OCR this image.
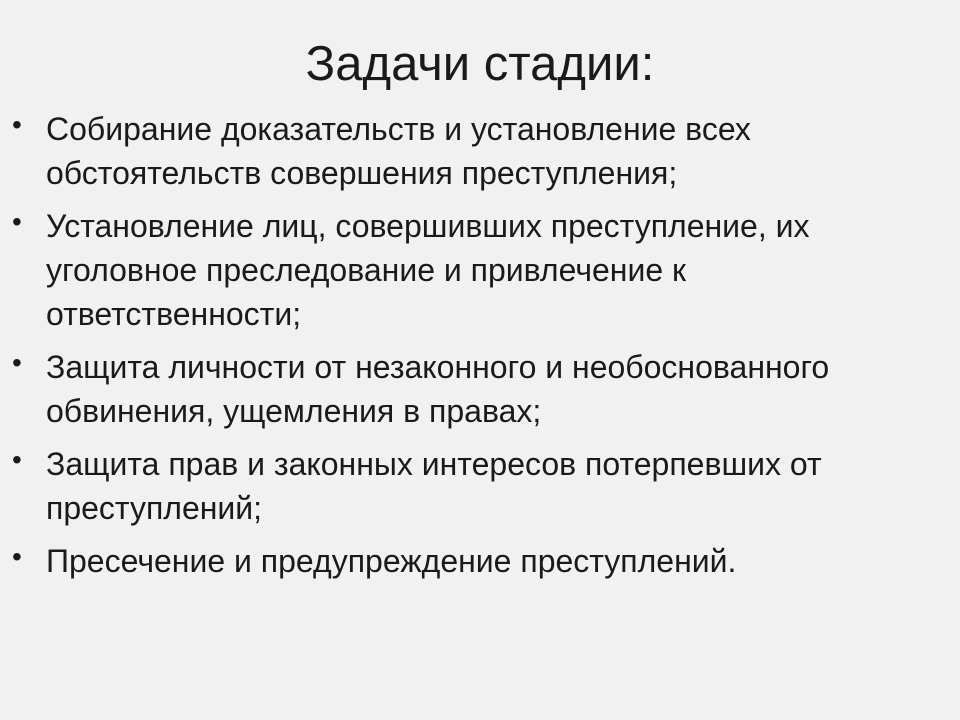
Задачи стадии:
• Собирание доказательств и установление всех обстоятельств совершения преступления;
• Установление лиц, совершивших преступление, их уголовное преследование и привлечение к ответственности;
• Защита личности от незаконного и необоснованного обвинения, ущемления в правах;
• Защита прав и законных интересов потерпевших от преступлений;
• Пресечение и предупреждение преступлений.
